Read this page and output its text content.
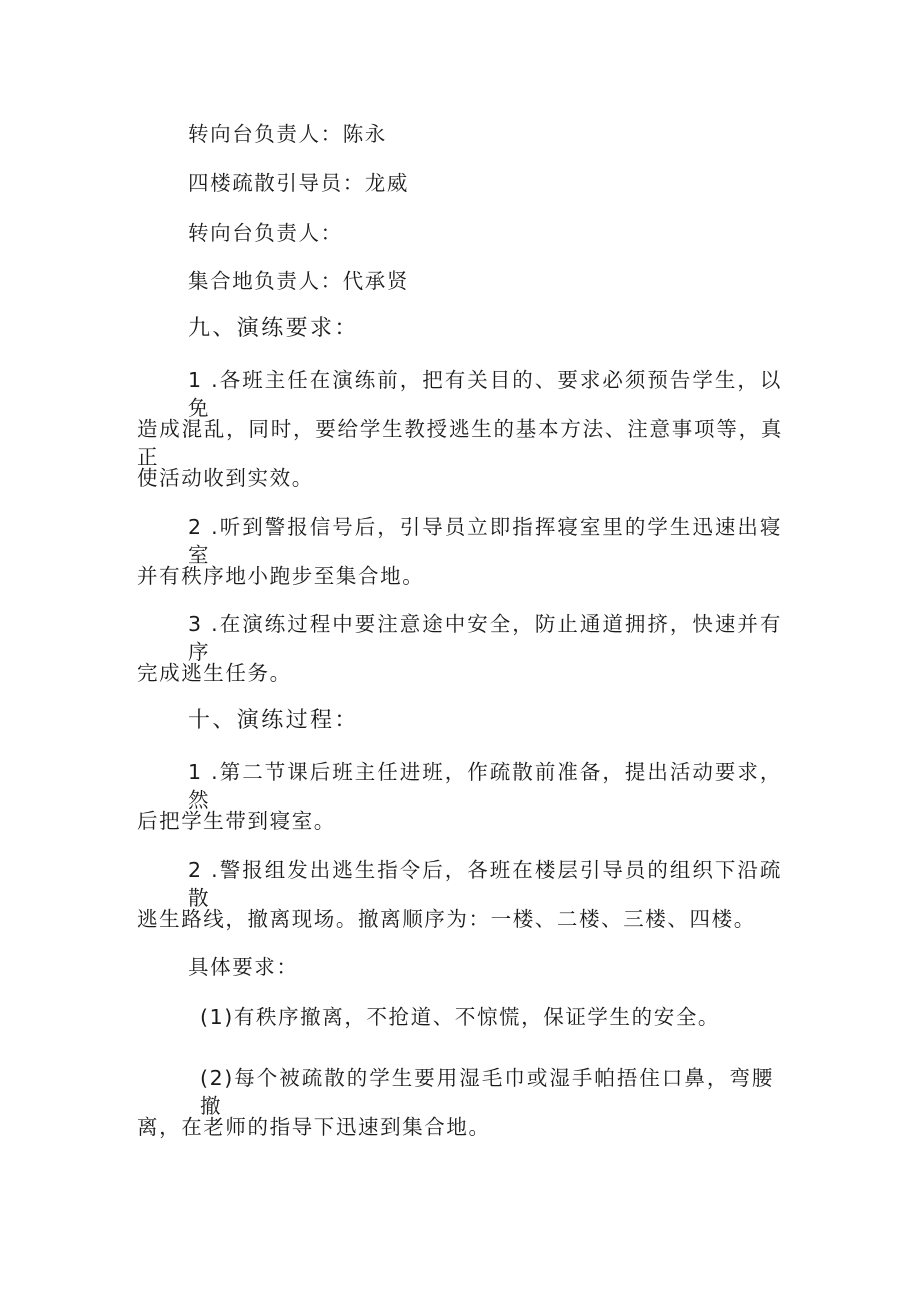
转向台负责人：陈永
四楼疏散引导员：龙威
转向台负责人：
集合地负责人：代承贤
九、演练要求：
1 .各班主任在演练前，把有关目的、要求必须预告学生，以免
造成混乱，同时，要给学生教授逃生的基本方法、注意事项等，真正
使活动收到实效。
2 .听到警报信号后，引导员立即指挥寝室里的学生迅速出寝室
并有秩序地小跑步至集合地。
3 .在演练过程中要注意途中安全，防止通道拥挤，快速并有序
完成逃生任务。
十、演练过程：
1 .第二节课后班主任进班，作疏散前准备，提出活动要求，然
后把学生带到寝室。
2 .警报组发出逃生指令后，各班在楼层引导员的组织下沿疏散
逃生路线，撤离现场。撤离顺序为：一楼、二楼、三楼、四楼。
具体要求：
(1)有秩序撤离，不抢道、不惊慌，保证学生的安全。
(2)每个被疏散的学生要用湿毛巾或湿手帕捂住口鼻，弯腰撤
离，在老师的指导下迅速到集合地。
